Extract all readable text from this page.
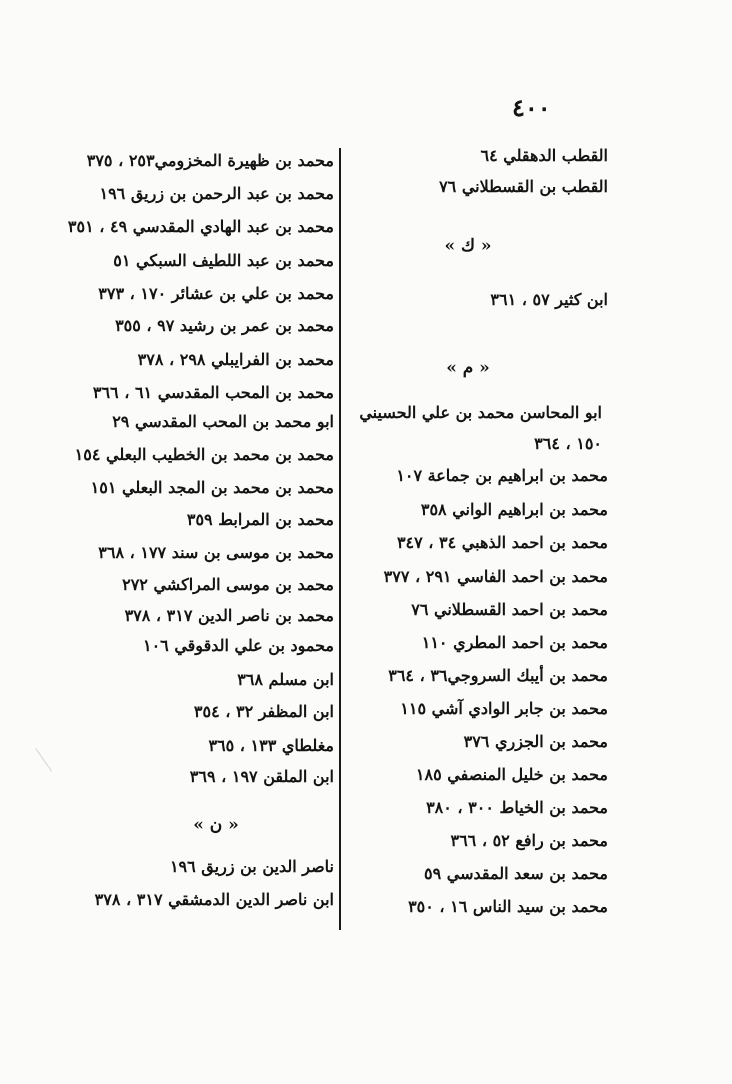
٤٠٠
القطب الدهقلي ٦٤
القطب بن القسطلاني ٧٦
« ك »
ابن كثير ٥٧ ، ٣٦١
« م »
ابو المحاسن محمد بن علي الحسيني
١٥٠ ، ٣٦٤
محمد بن ابراهيم بن جماعة ١٠٧
محمد بن ابراهيم الواني ٣٥٨
محمد بن احمد الذهبي ٣٤ ، ٣٤٧
محمد بن احمد الفاسي ٢٩١ ، ٣٧٧
محمد بن احمد القسطلاني ٧٦
محمد بن احمد المطري ١١٠
محمد بن أيبك السروجي٣٦ ، ٣٦٤
محمد بن جابر الوادي آشي ١١٥
محمد بن الجزري ٣٧٦
محمد بن خليل المنصفي ١٨٥
محمد بن الخياط ٣٠٠ ، ٣٨٠
محمد بن رافع ٥٢ ، ٣٦٦
محمد بن سعد المقدسي ٥٩
محمد بن سيد الناس ١٦ ، ٣٥٠
محمد بن ظهيرة المخزومي٢٥٣ ، ٣٧٥
محمد بن عبد الرحمن بن زريق ١٩٦
محمد بن عبد الهادي المقدسي ٤٩ ، ٣٥١
محمد بن عبد اللطيف السبكي ٥١
محمد بن علي بن عشائر ١٧٠ ، ٣٧٣
محمد بن عمر بن رشيد ٩٧ ، ٣٥٥
محمد بن الفرايبلي ٢٩٨ ، ٣٧٨
محمد بن المحب المقدسي ٦١ ، ٣٦٦
ابو محمد بن المحب المقدسي ٢٩
محمد بن محمد بن الخطيب البعلي ١٥٤
محمد بن محمد بن المجد البعلي ١٥١
محمد بن المرابط ٣٥٩
محمد بن موسى بن سند ١٧٧ ، ٣٦٨
محمد بن موسى المراكشي ٢٧٢
محمد بن ناصر الدين ٣١٧ ، ٣٧٨
محمود بن علي الدقوقي ١٠٦
ابن مسلم ٣٦٨
ابن المظفر ٣٢ ، ٣٥٤
مغلطاي ١٣٣ ، ٣٦٥
ابن الملقن ١٩٧ ، ٣٦٩
« ن »
ناصر الدين بن زريق ١٩٦
ابن ناصر الدين الدمشقي ٣١٧ ، ٣٧٨
